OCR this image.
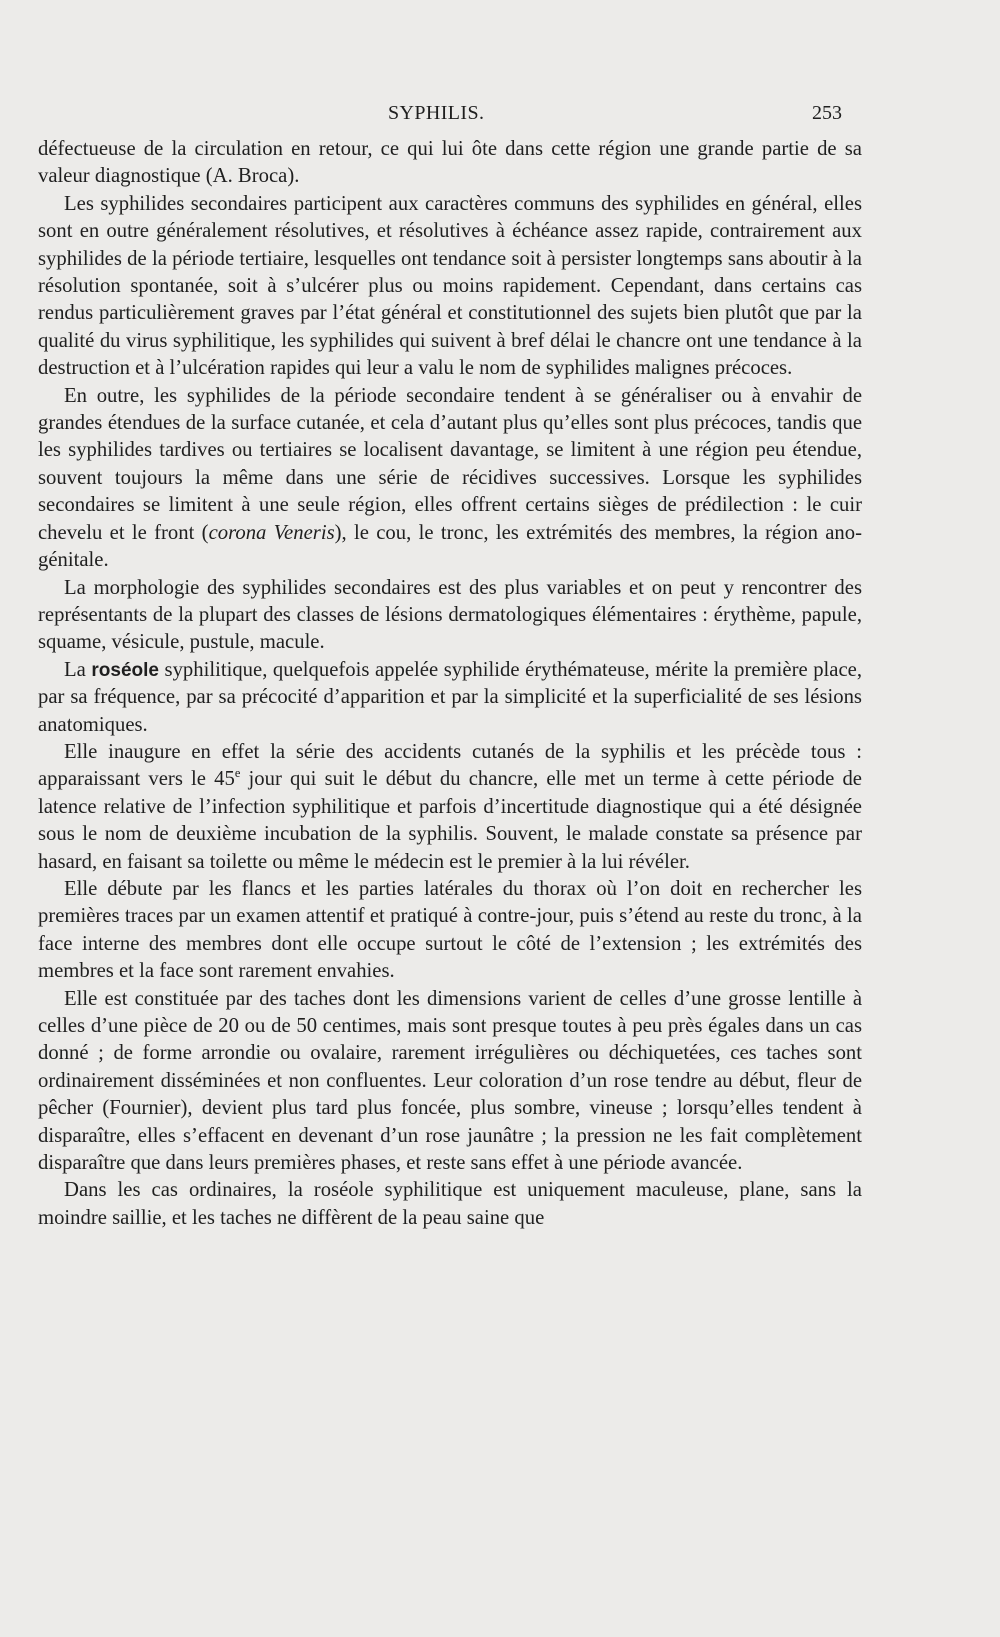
SYPHILIS.	253

défectueuse de la circulation en retour, ce qui lui ôte dans cette région une grande partie de sa valeur diagnostique (A. Broca).

Les syphilides secondaires participent aux caractères communs des syphilides en général, elles sont en outre généralement résolutives, et résolutives à échéance assez rapide, contrairement aux syphilides de la période tertiaire, lesquelles ont tendance soit à persister longtemps sans aboutir à la résolution spontanée, soit à s’ulcérer plus ou moins rapidement. Cependant, dans certains cas rendus particulièrement graves par l’état général et constitutionnel des sujets bien plutôt que par la qualité du virus syphilitique, les syphilides qui suivent à bref délai le chancre ont une tendance à la destruction et à l’ulcération rapides qui leur a valu le nom de syphilides malignes précoces.

En outre, les syphilides de la période secondaire tendent à se généraliser ou à envahir de grandes étendues de la surface cutanée, et cela d’autant plus qu’elles sont plus précoces, tandis que les syphilides tardives ou tertiaires se localisent davantage, se limitent à une région peu étendue, souvent toujours la même dans une série de récidives successives. Lorsque les syphilides secondaires se limitent à une seule région, elles offrent certains sièges de prédilection : le cuir chevelu et le front (corona Veneris), le cou, le tronc, les extrémités des membres, la région ano-génitale.

La morphologie des syphilides secondaires est des plus variables et on peut y rencontrer des représentants de la plupart des classes de lésions dermatologiques élémentaires : érythème, papule, squame, vésicule, pustule, macule.

La roséole syphilitique, quelquefois appelée syphilide érythémateuse, mérite la première place, par sa fréquence, par sa précocité d’apparition et par la simplicité et la superficialité de ses lésions anatomiques.

Elle inaugure en effet la série des accidents cutanés de la syphilis et les précède tous : apparaissant vers le 45e jour qui suit le début du chancre, elle met un terme à cette période de latence relative de l’infection syphilitique et parfois d’incertitude diagnostique qui a été désignée sous le nom de deuxième incubation de la syphilis. Souvent, le malade constate sa présence par hasard, en faisant sa toilette ou même le médecin est le premier à la lui révéler.

Elle débute par les flancs et les parties latérales du thorax où l’on doit en rechercher les premières traces par un examen attentif et pratiqué à contre-jour, puis s’étend au reste du tronc, à la face interne des membres dont elle occupe surtout le côté de l’extension ; les extrémités des membres et la face sont rarement envahies.

Elle est constituée par des taches dont les dimensions varient de celles d’une grosse lentille à celles d’une pièce de 20 ou de 50 centimes, mais sont presque toutes à peu près égales dans un cas donné ; de forme arrondie ou ovalaire, rarement irrégulières ou déchiquetées, ces taches sont ordinairement disséminées et non confluentes. Leur coloration d’un rose tendre au début, fleur de pêcher (Fournier), devient plus tard plus foncée, plus sombre, vineuse ; lorsqu’elles tendent à disparaître, elles s’effacent en devenant d’un rose jaunâtre ; la pression ne les fait complètement disparaître que dans leurs premières phases, et reste sans effet à une période avancée.

Dans les cas ordinaires, la roséole syphilitique est uniquement maculeuse, plane, sans la moindre saillie, et les taches ne diffèrent de la peau saine que
